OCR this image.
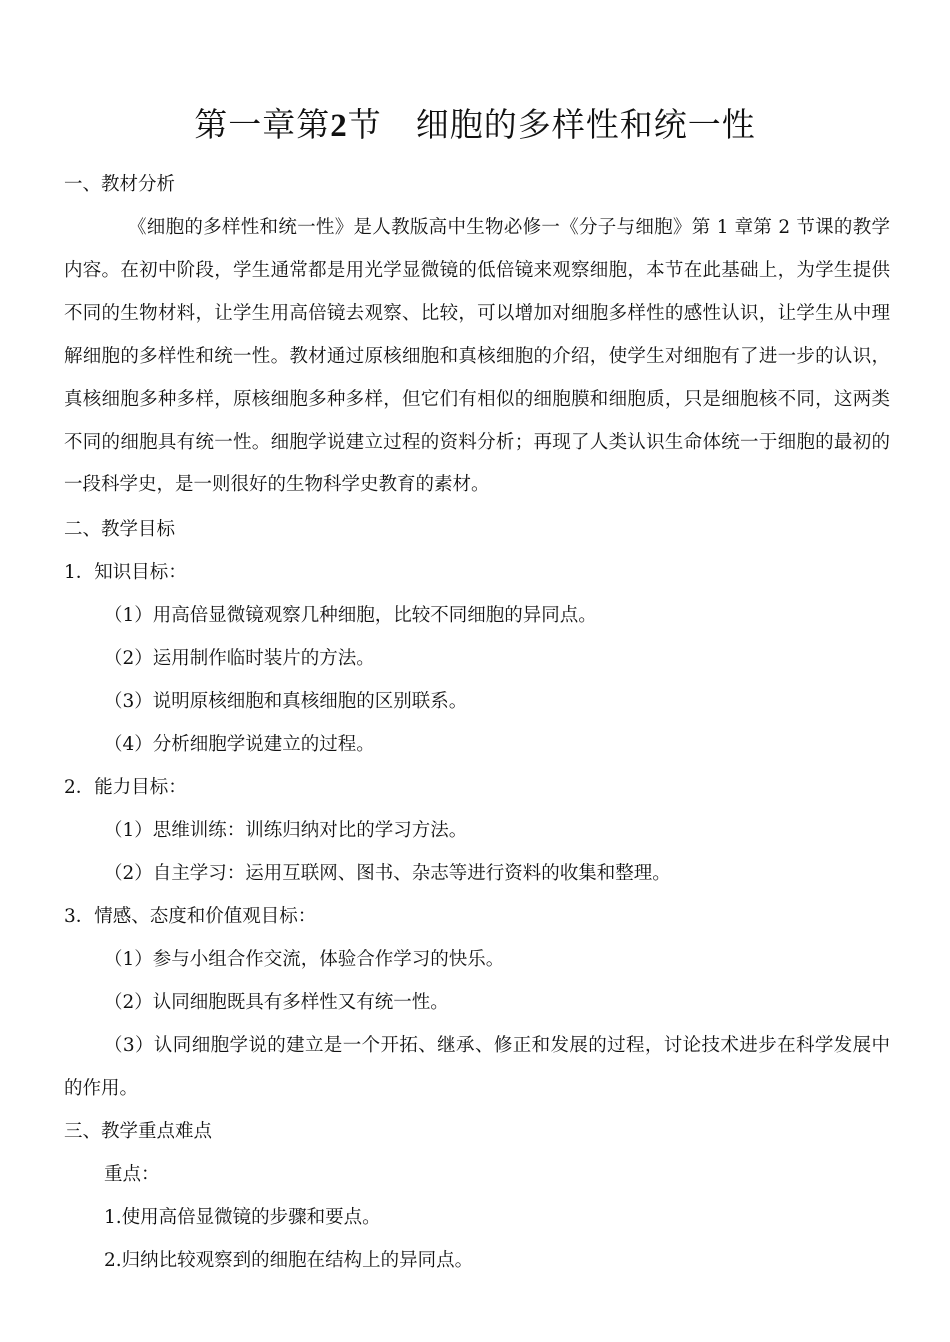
第一章第2节　细胞的多样性和统一性

一、教材分析

《细胞的多样性和统一性》是人教版高中生物必修一《分子与细胞》第 1 章第 2 节课的教学内容。在初中阶段，学生通常都是用光学显微镜的低倍镜来观察细胞，本节在此基础上，为学生提供不同的生物材料，让学生用高倍镜去观察、比较，可以增加对细胞多样性的感性认识，让学生从中理解细胞的多样性和统一性。教材通过原核细胞和真核细胞的介绍，使学生对细胞有了进一步的认识，真核细胞多种多样，原核细胞多种多样，但它们有相似的细胞膜和细胞质，只是细胞核不同，这两类不同的细胞具有统一性。细胞学说建立过程的资料分析；再现了人类认识生命体统一于细胞的最初的一段科学史，是一则很好的生物科学史教育的素材。

二、教学目标

1．知识目标：

（1）用高倍显微镜观察几种细胞，比较不同细胞的异同点。

（2）运用制作临时装片的方法。

（3）说明原核细胞和真核细胞的区别联系。

（4）分析细胞学说建立的过程。

2．能力目标：

（1）思维训练：训练归纳对比的学习方法。

（2）自主学习：运用互联网、图书、杂志等进行资料的收集和整理。

3．情感、态度和价值观目标：

（1）参与小组合作交流，体验合作学习的快乐。

（2）认同细胞既具有多样性又有统一性。

（3）认同细胞学说的建立是一个开拓、继承、修正和发展的过程，讨论技术进步在科学发展中的作用。

三、教学重点难点

重点：

1.使用高倍显微镜的步骤和要点。

2.归纳比较观察到的细胞在结构上的异同点。
